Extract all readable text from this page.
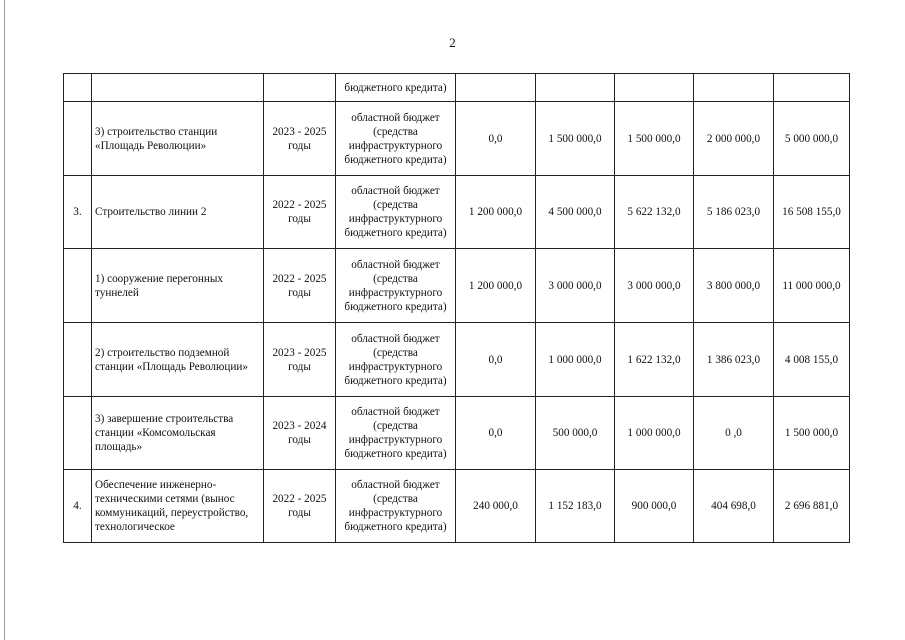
2
			бюджетного кредита)					
	3) строительство станции «Площадь Революции»	2023 - 2025 годы	областной бюджет (средства инфраструктурного бюджетного кредита)	0,0	1 500 000,0	1 500 000,0	2 000 000,0	5 000 000,0
3.	Строительство линии 2	2022 - 2025 годы	областной бюджет (средства инфраструктурного бюджетного кредита)	1 200 000,0	4 500 000,0	5 622 132,0	5 186 023,0	16 508 155,0
	1) сооружение перегонных туннелей	2022 - 2025 годы	областной бюджет (средства инфраструктурного бюджетного кредита)	1 200 000,0	3 000 000,0	3 000 000,0	3 800 000,0	11 000 000,0
	2) строительство подземной станции «Площадь Революции»	2023 - 2025 годы	областной бюджет (средства инфраструктурного бюджетного кредита)	0,0	1 000 000,0	1 622 132,0	1 386 023,0	4 008 155,0
	3) завершение строительства станции «Комсомольская площадь»	2023 - 2024 годы	областной бюджет (средства инфраструктурного бюджетного кредита)	0,0	500 000,0	1 000 000,0	0 ,0	1 500 000,0
4.	Обеспечение инженерно-техническими сетями (вынос коммуникаций, переустройство, технологическое	2022 - 2025 годы	областной бюджет (средства инфраструктурного бюджетного кредита)	240 000,0	1 152 183,0	900 000,0	404 698,0	2 696 881,0
